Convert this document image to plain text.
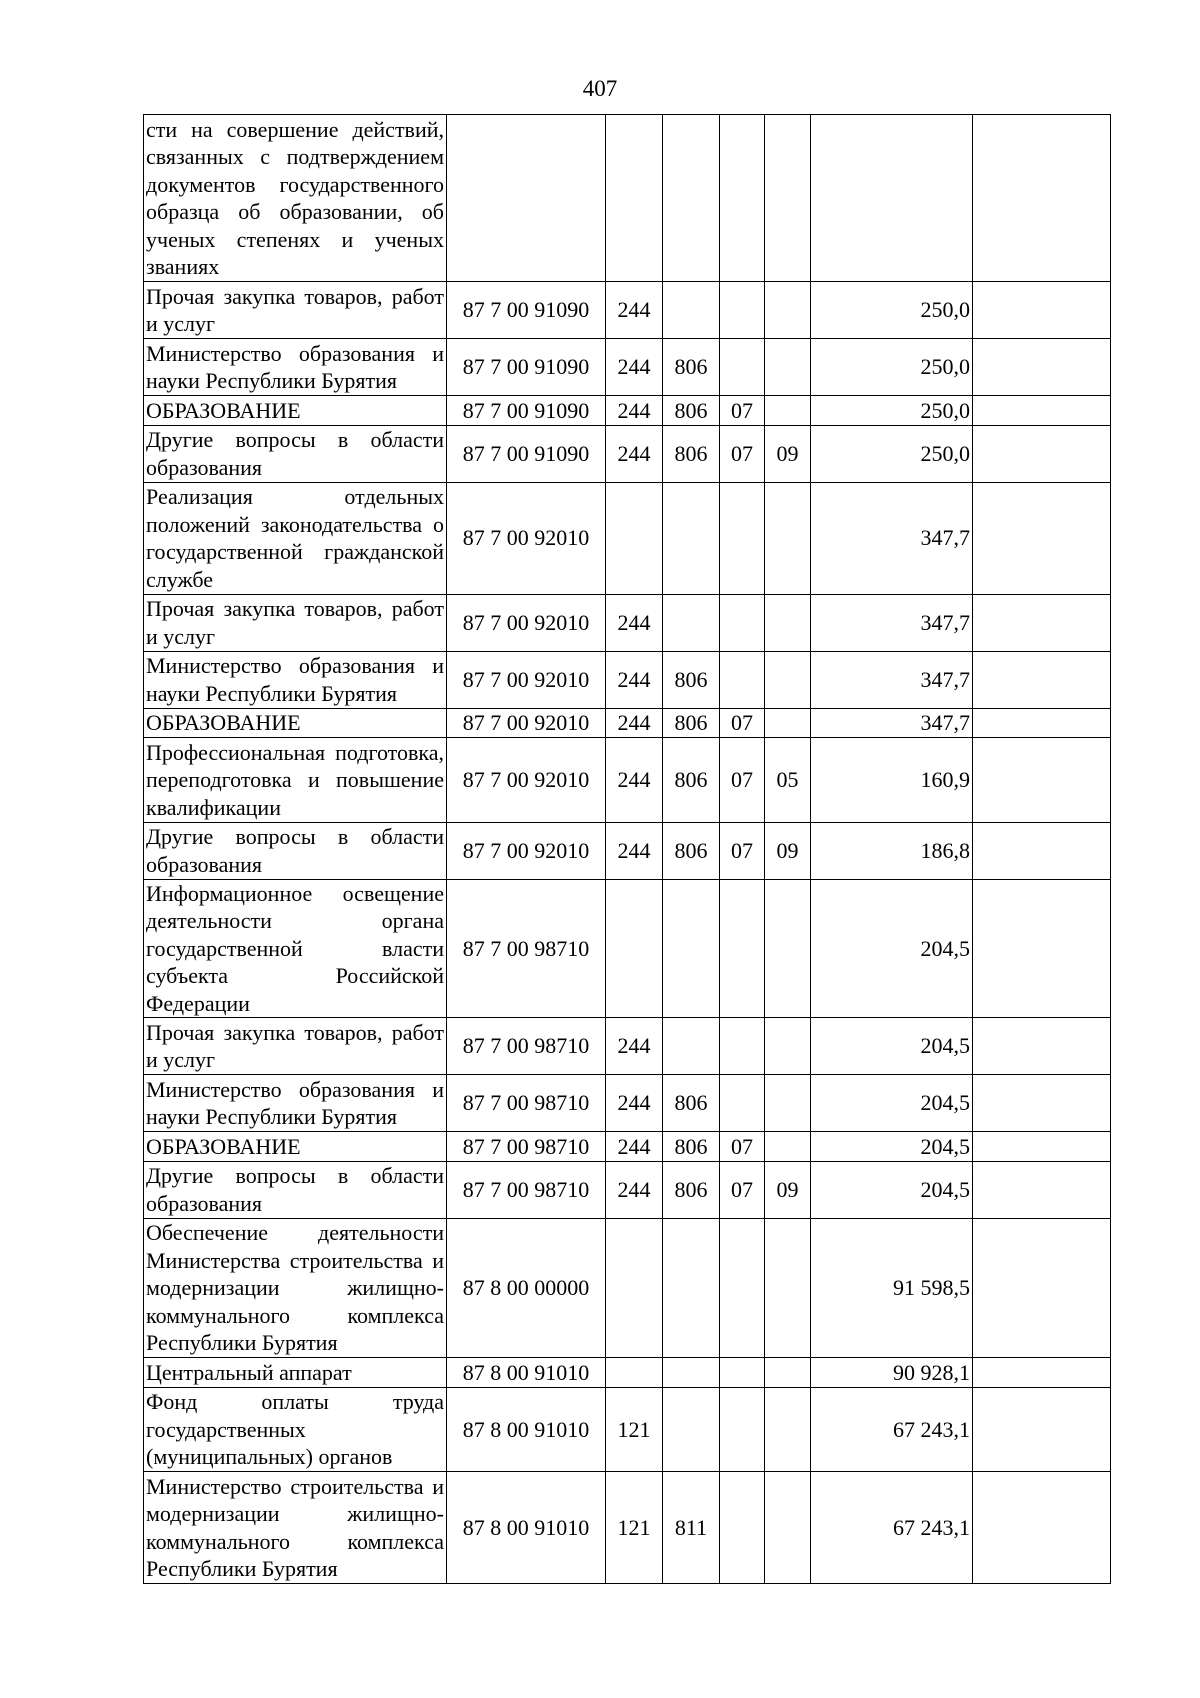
407
сти на совершение действий, связанных с подтверждением документов государственного образца об образовании, об ученых степенях и ученых званиях							
Прочая закупка товаров, работ и услуг	87 7 00 91090	244				250,0	
Министерство образования и науки Республики Бурятия	87 7 00 91090	244	806			250,0	
ОБРАЗОВАНИЕ	87 7 00 91090	244	806	07		250,0	
Другие вопросы в области образования	87 7 00 91090	244	806	07	09	250,0	
Реализация отдельных положений законодательства о государственной гражданской службе	87 7 00 92010					347,7	
Прочая закупка товаров, работ и услуг	87 7 00 92010	244				347,7	
Министерство образования и науки Республики Бурятия	87 7 00 92010	244	806			347,7	
ОБРАЗОВАНИЕ	87 7 00 92010	244	806	07		347,7	
Профессиональная подготовка, переподготовка и повышение квалификации	87 7 00 92010	244	806	07	05	160,9	
Другие вопросы в области образования	87 7 00 92010	244	806	07	09	186,8	
Информационное освещение деятельности органа государственной власти субъекта Российской Федерации	87 7 00 98710					204,5	
Прочая закупка товаров, работ и услуг	87 7 00 98710	244				204,5	
Министерство образования и науки Республики Бурятия	87 7 00 98710	244	806			204,5	
ОБРАЗОВАНИЕ	87 7 00 98710	244	806	07		204,5	
Другие вопросы в области образования	87 7 00 98710	244	806	07	09	204,5	
Обеспечение деятельности Министерства строительства и модернизации жилищно-коммунального комплекса Республики Бурятия	87 8 00 00000					91 598,5	
Центральный аппарат	87 8 00 91010					90 928,1	
Фонд оплаты труда государственных (муниципальных) органов	87 8 00 91010	121				67 243,1	
Министерство строительства и модернизации жилищно-коммунального комплекса Республики Бурятия	87 8 00 91010	121	811			67 243,1	
